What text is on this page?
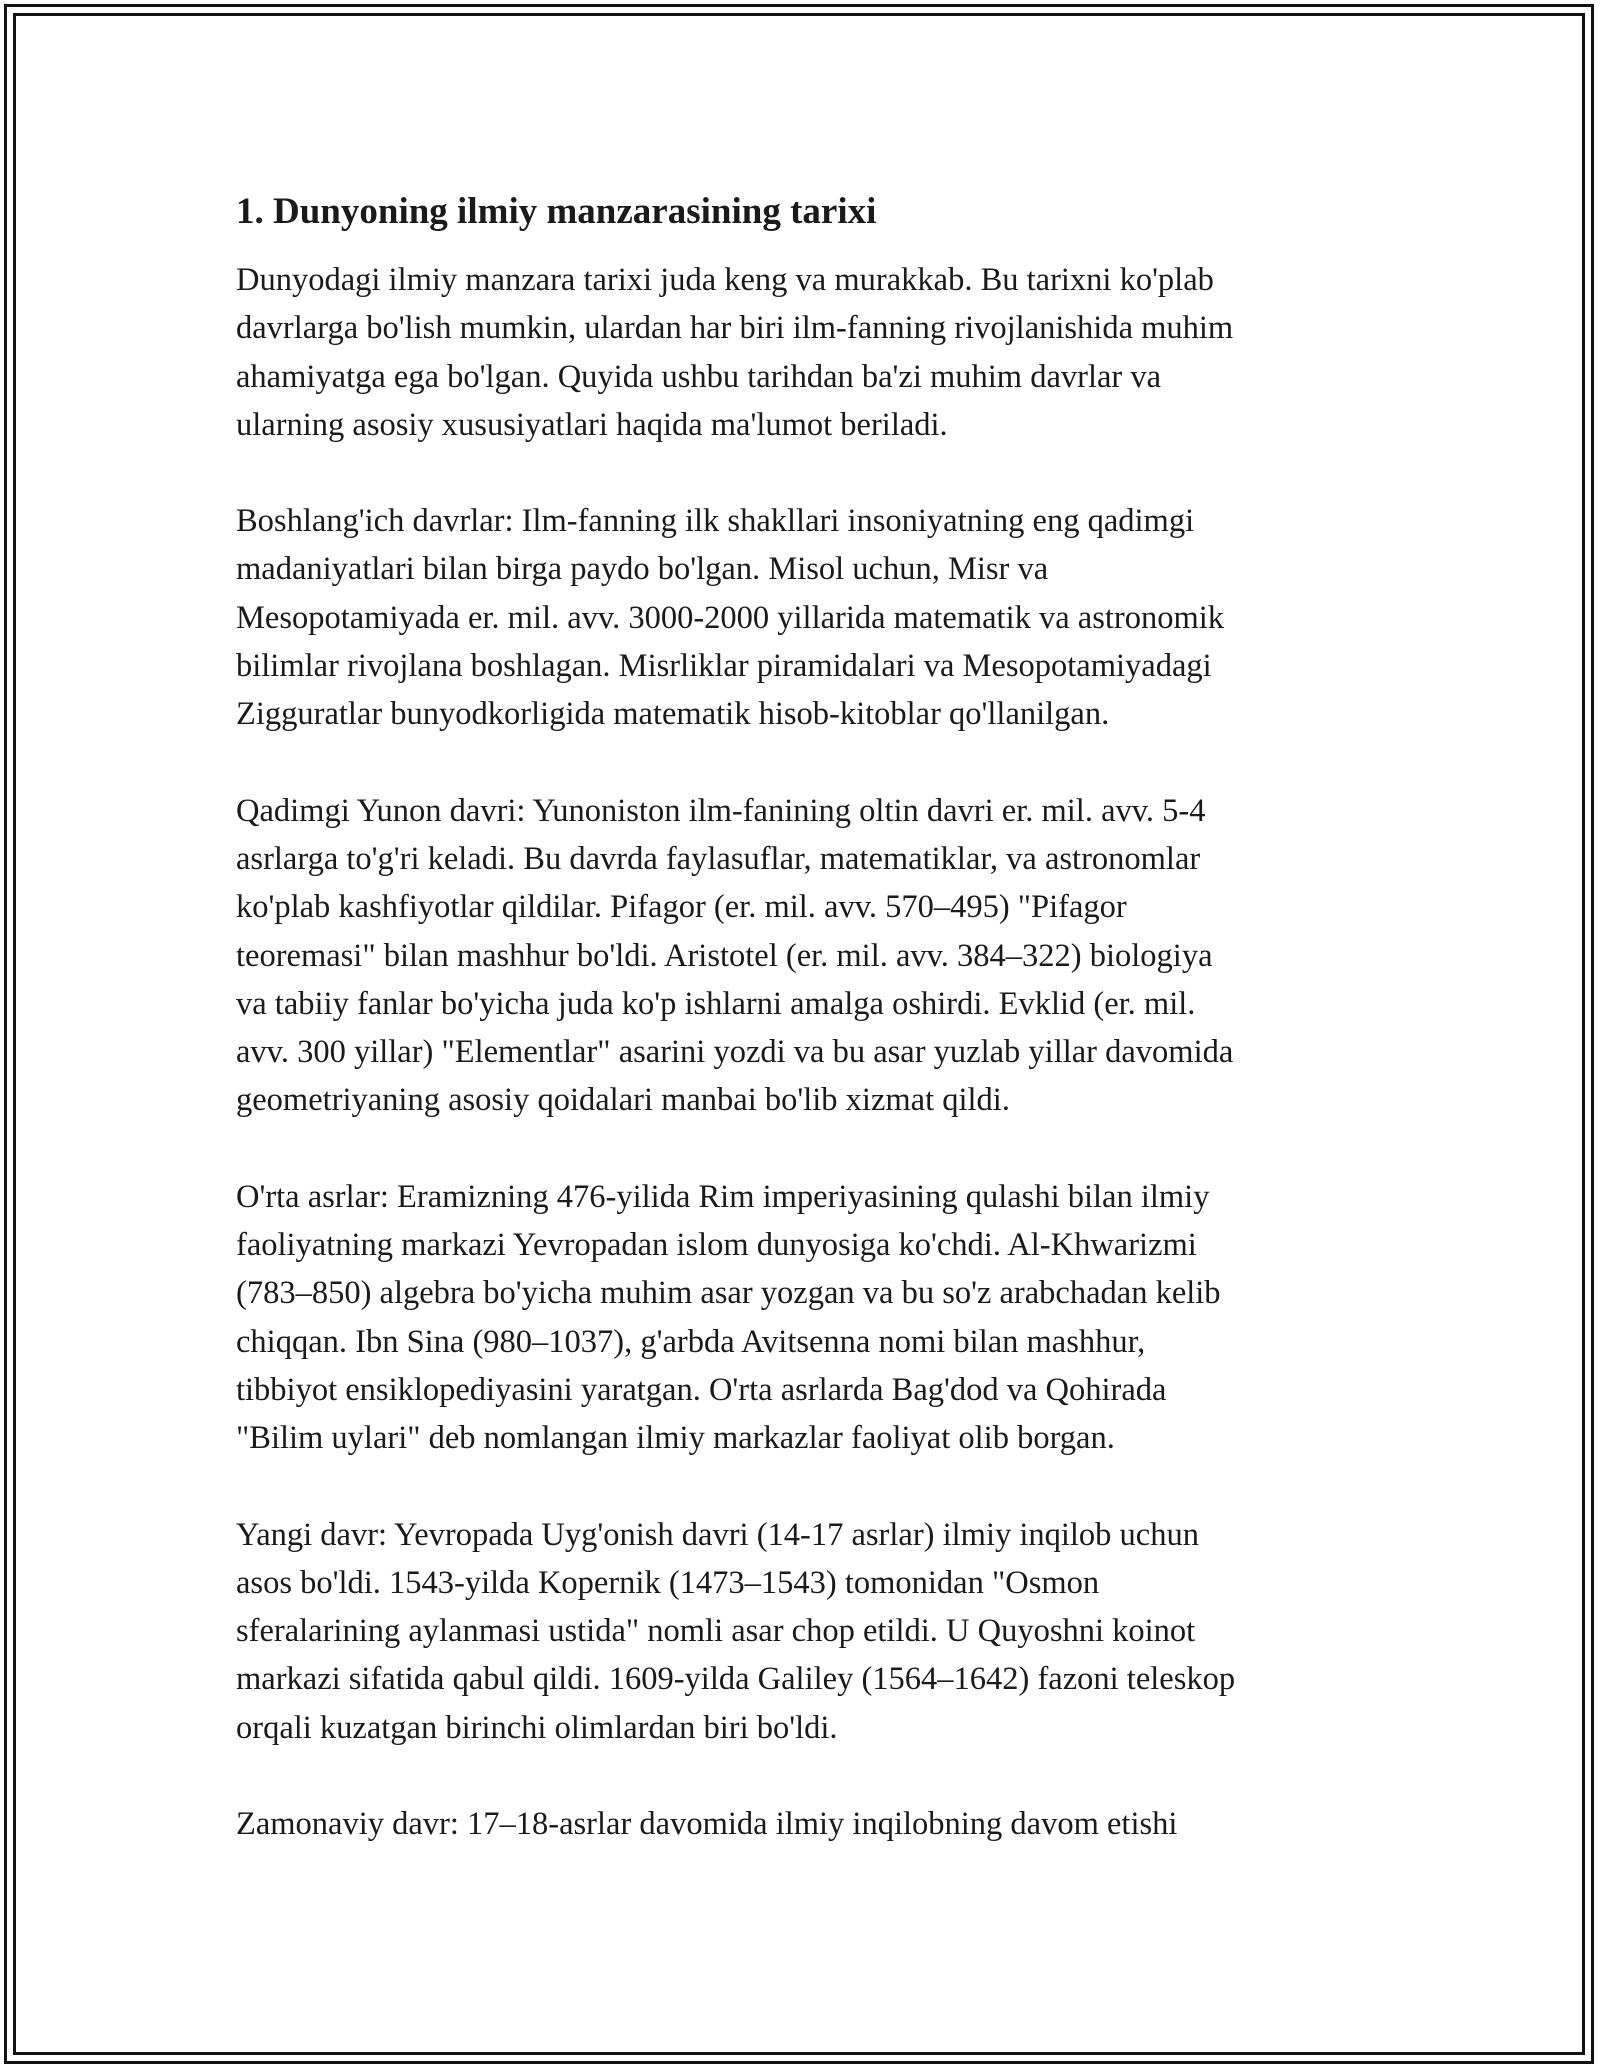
1. Dunyoning ilmiy manzarasining tarixi
Dunyodagi ilmiy manzara tarixi juda keng va murakkab. Bu tarixni ko'plab
davrlarga bo'lish mumkin, ulardan har biri ilm-fanning rivojlanishida muhim
ahamiyatga ega bo'lgan. Quyida ushbu tarihdan ba'zi muhim davrlar va
ularning asosiy xususiyatlari haqida ma'lumot beriladi.
Boshlang'ich davrlar: Ilm-fanning ilk shakllari insoniyatning eng qadimgi
madaniyatlari bilan birga paydo bo'lgan. Misol uchun, Misr va
Mesopotamiyada er. mil. avv. 3000-2000 yillarida matematik va astronomik
bilimlar rivojlana boshlagan. Misrliklar piramidalari va Mesopotamiyadagi
Zigguratlar bunyodkorligida matematik hisob-kitoblar qo'llanilgan.
Qadimgi Yunon davri: Yunoniston ilm-fanining oltin davri er. mil. avv. 5-4
asrlarga to'g'ri keladi. Bu davrda faylasuflar, matematiklar, va astronomlar
ko'plab kashfiyotlar qildilar. Pifagor (er. mil. avv. 570–495) "Pifagor
teoremasi" bilan mashhur bo'ldi. Aristotel (er. mil. avv. 384–322) biologiya
va tabiiy fanlar bo'yicha juda ko'p ishlarni amalga oshirdi. Evklid (er. mil.
avv. 300 yillar) "Elementlar" asarini yozdi va bu asar yuzlab yillar davomida
geometriyaning asosiy qoidalari manbai bo'lib xizmat qildi.
O'rta asrlar: Eramizning 476-yilida Rim imperiyasining qulashi bilan ilmiy
faoliyatning markazi Yevropadan islom dunyosiga ko'chdi. Al-Khwarizmi
(783–850) algebra bo'yicha muhim asar yozgan va bu so'z arabchadan kelib
chiqqan. Ibn Sina (980–1037), g'arbda Avitsenna nomi bilan mashhur,
tibbiyot ensiklopediyasini yaratgan. O'rta asrlarda Bag'dod va Qohirada
"Bilim uylari" deb nomlangan ilmiy markazlar faoliyat olib borgan.
Yangi davr: Yevropada Uyg'onish davri (14-17 asrlar) ilmiy inqilob uchun
asos bo'ldi. 1543-yilda Kopernik (1473–1543) tomonidan "Osmon
sferalarining aylanmasi ustida" nomli asar chop etildi. U Quyoshni koinot
markazi sifatida qabul qildi. 1609-yilda Galiley (1564–1642) fazoni teleskop
orqali kuzatgan birinchi olimlardan biri bo'ldi.
Zamonaviy davr: 17–18-asrlar davomida ilmiy inqilobning davom etishi
